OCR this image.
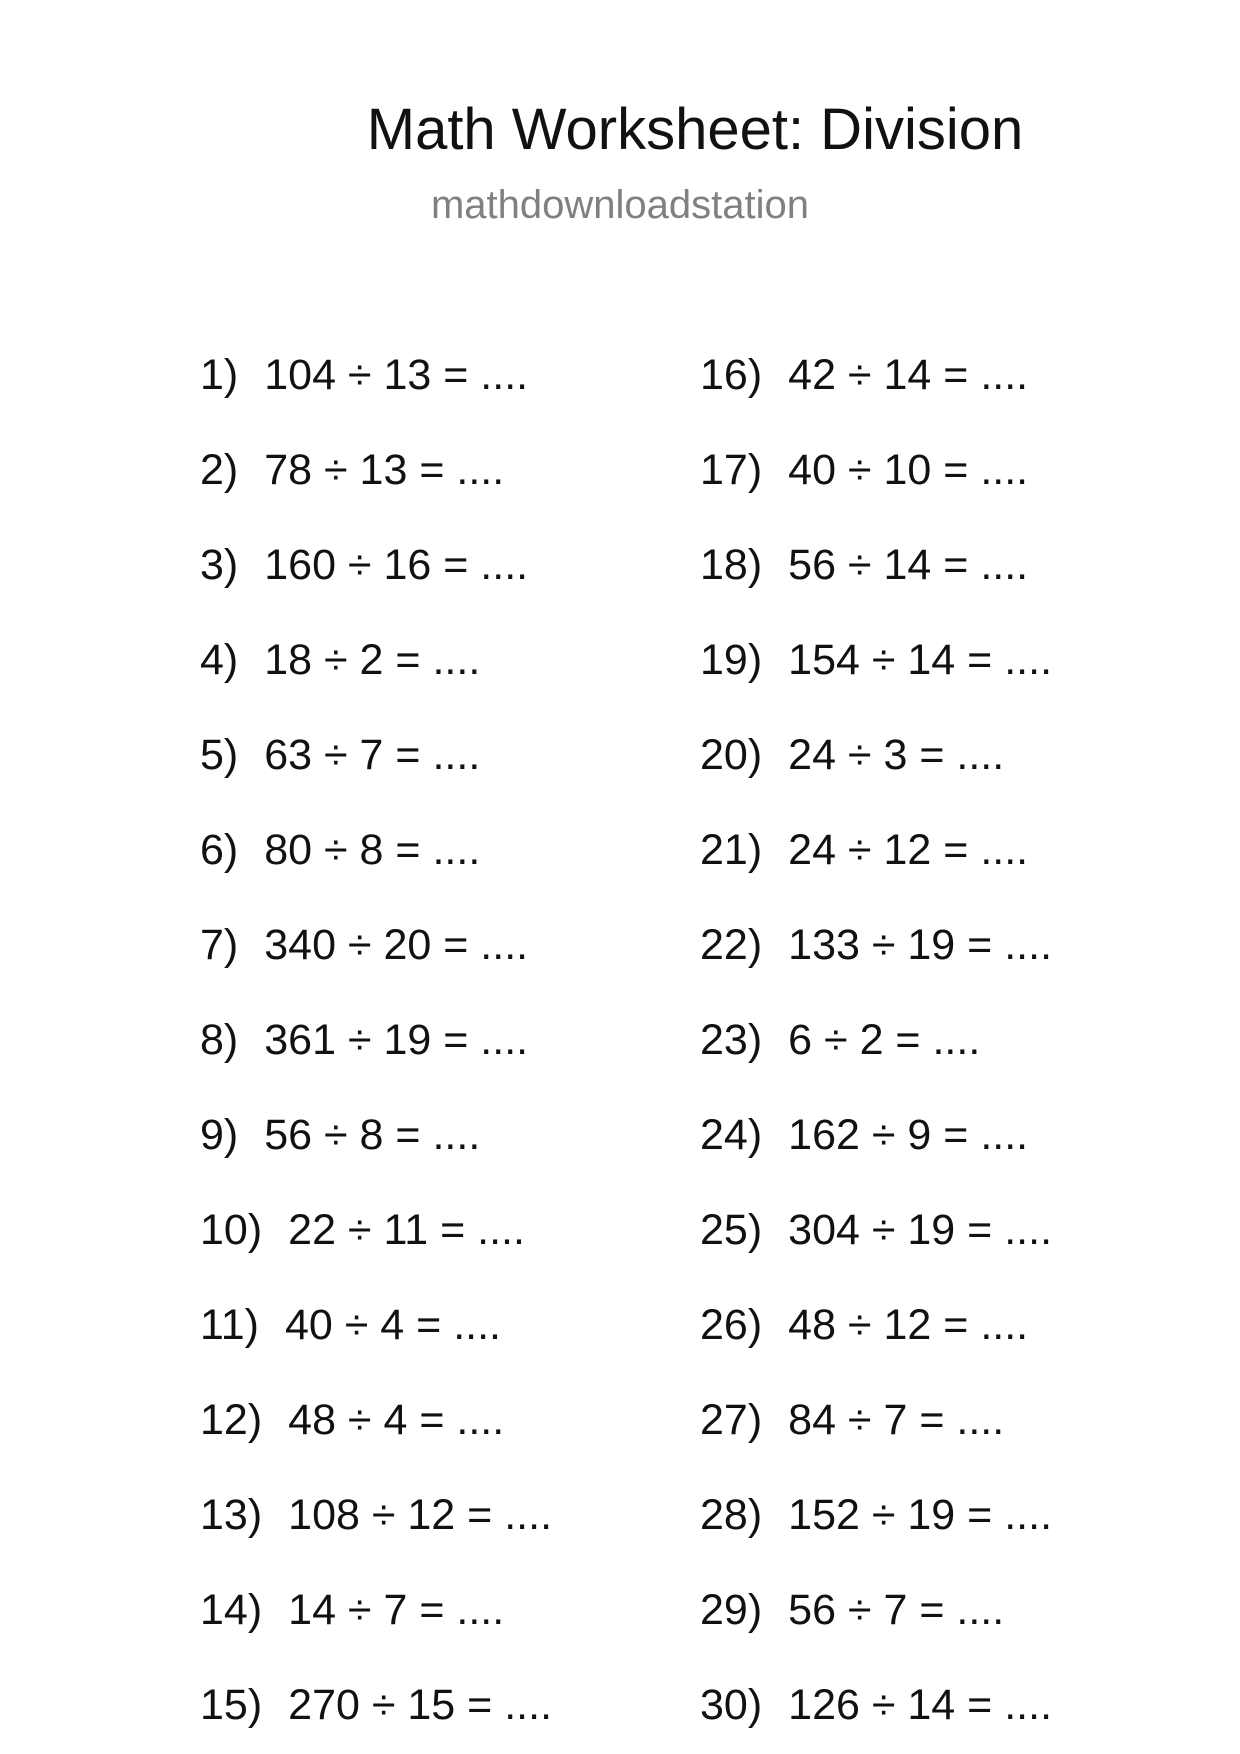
Math Worksheet: Division
mathdownloadstation
1) 104 ÷ 13 = ....
2) 78 ÷ 13 = ....
3) 160 ÷ 16 = ....
4) 18 ÷ 2 = ....
5) 63 ÷ 7 = ....
6) 80 ÷ 8 = ....
7) 340 ÷ 20 = ....
8) 361 ÷ 19 = ....
9) 56 ÷ 8 = ....
10) 22 ÷ 11 = ....
11) 40 ÷ 4 = ....
12) 48 ÷ 4 = ....
13) 108 ÷ 12 = ....
14) 14 ÷ 7 = ....
15) 270 ÷ 15 = ....
16) 42 ÷ 14 = ....
17) 40 ÷ 10 = ....
18) 56 ÷ 14 = ....
19) 154 ÷ 14 = ....
20) 24 ÷ 3 = ....
21) 24 ÷ 12 = ....
22) 133 ÷ 19 = ....
23) 6 ÷ 2 = ....
24) 162 ÷ 9 = ....
25) 304 ÷ 19 = ....
26) 48 ÷ 12 = ....
27) 84 ÷ 7 = ....
28) 152 ÷ 19 = ....
29) 56 ÷ 7 = ....
30) 126 ÷ 14 = ....
